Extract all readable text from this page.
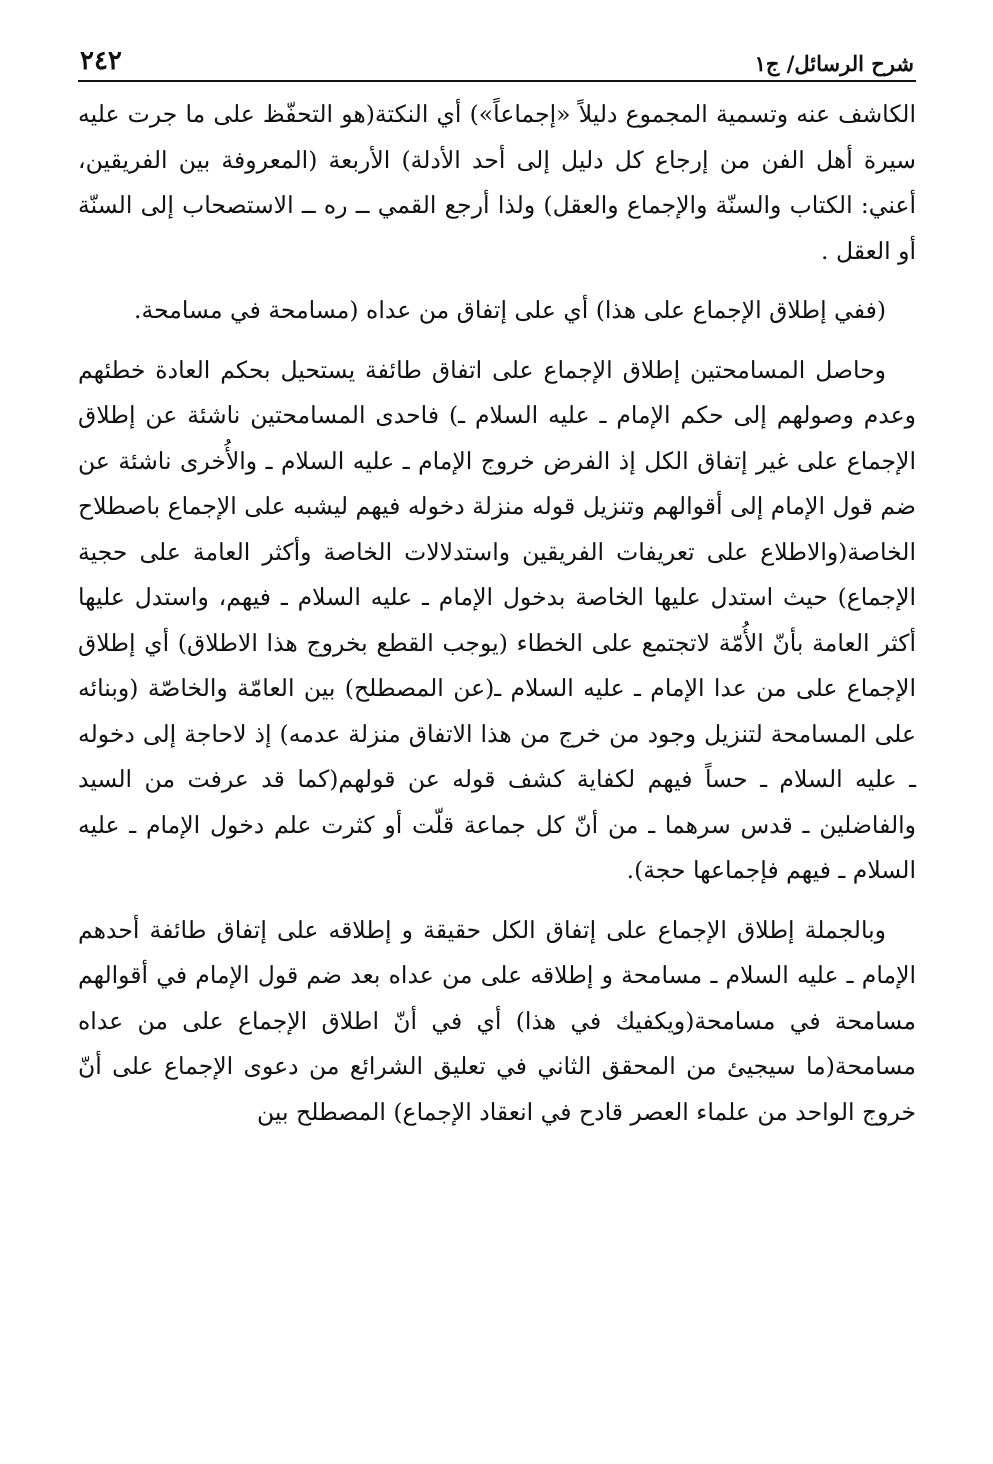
شرح الرسائل/ ج١
٢٤٢

الكاشف عنه وتسمية المجموع دليلاً «إجماعاً») أي النكتة(هو التحفّظ على ما جرت عليه سيرة أهل الفن من إرجاع كل دليل إلى أحد الأدلة) الأربعة (المعروفة بين الفريقين، أعني: الكتاب والسنّة والإجماع والعقل) ولذا أرجع القمي ــ ره ــ الاستصحاب إلى السنّة أو العقل .

(ففي إطلاق الإجماع على هذا) أي على إتفاق من عداه (مسامحة في مسامحة.

وحاصل المسامحتين إطلاق الإجماع على اتفاق طائفة يستحيل بحكم العادة خطئهم وعدم وصولهم إلى حكم الإمام ـ عليه السلام ـ) فاحدى المسامحتين ناشئة عن إطلاق الإجماع على غير إتفاق الكل إذ الفرض خروج الإمام ـ عليه السلام ـ والأُخرى ناشئة عن ضم قول الإمام إلى أقوالهم وتنزيل قوله منزلة دخوله فيهم ليشبه على الإجماع باصطلاح الخاصة(والاطلاع على تعريفات الفريقين واستدلالات الخاصة وأكثر العامة على حجية الإجماع) حيث استدل عليها الخاصة بدخول الإمام ـ عليه السلام ـ فيهم، واستدل عليها أكثر العامة بأنّ الأُمّة لاتجتمع على الخطاء (يوجب القطع بخروج هذا الاطلاق) أي إطلاق الإجماع على من عدا الإمام ـ عليه السلام ـ(عن المصطلح) بين العامّة والخاصّة (وبنائه على المسامحة لتنزيل وجود من خرج من هذا الاتفاق منزلة عدمه) إذ لاحاجة إلى دخوله ـ عليه السلام ـ حساً فيهم لكفاية كشف قوله عن قولهم(كما قد عرفت من السيد والفاضلين ـ قدس سرهما ـ من أنّ كل جماعة قلّت أو كثرت علم دخول الإمام ـ عليه السلام ـ فيهم فإجماعها حجة).

وبالجملة إطلاق الإجماع على إتفاق الكل حقيقة و إطلاقه على إتفاق طائفة أحدهم الإمام ـ عليه السلام ـ مسامحة و إطلاقه على من عداه بعد ضم قول الإمام في أقوالهم مسامحة في مسامحة(ويكفيك في هذا) أي في أنّ اطلاق الإجماع على من عداه مسامحة(ما سيجيئ من المحقق الثاني في تعليق الشرائع من دعوى الإجماع على أنّ خروج الواحد من علماء العصر قادح في انعقاد الإجماع) المصطلح بين
